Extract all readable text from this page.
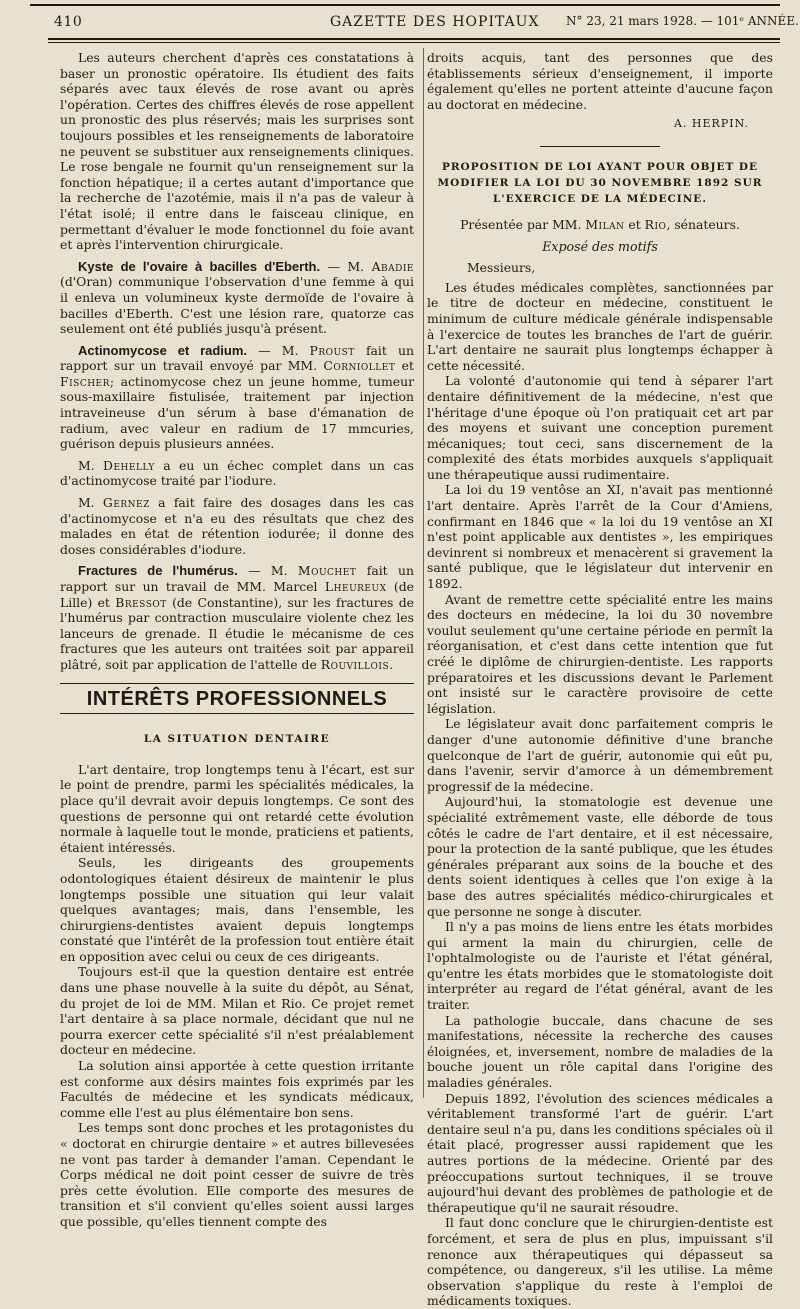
410	GAZETTE DES HOPITAUX N° 23, 21 mars 1928. — 101ᵉ ANNÉE.

Les auteurs cherchent d'après ces constatations à baser un pronostic opératoire. Ils étudient des faits séparés avec taux élevés de rose avant ou après l'opération. Certes des chiffres élevés de rose appellent un pronostic des plus réservés; mais les surprises sont toujours possibles et les renseignements de laboratoire ne peuvent se substituer aux renseignements cliniques. Le rose bengale ne fournit qu'un renseignement sur la fonction hépatique; il a certes autant d'importance que la recherche de l'azotémie, mais il n'a pas de valeur à l'état isolé; il entre dans le faisceau clinique, en permettant d'évaluer le mode fonctionnel du foie avant et après l'intervention chirurgicale.

Kyste de l'ovaire à bacilles d'Eberth. — M. Abadie (d'Oran) communique l'observation d'une femme à qui il enleva un volumineux kyste dermoïde de l'ovaire à bacilles d'Eberth. C'est une lésion rare, quatorze cas seulement ont été publiés jusqu'à présent.

Actinomycose et radium. — M. Proust fait un rapport sur un travail envoyé par MM. Corniollet et Fischer; actinomycose chez un jeune homme, tumeur sous-maxillaire fistulisée, traitement par injection intraveineuse d'un sérum à base d'émanation de radium, avec valeur en radium de 17 mmcuries, guérison depuis plusieurs années.

M. Dehelly a eu un échec complet dans un cas d'actinomycose traité par l'iodure.

M. Gernez a fait faire des dosages dans les cas d'actinomycose et n'a eu des résultats que chez des malades en état de rétention iodurée; il donne des doses considérables d'iodure.

Fractures de l'humérus. — M. Mouchet fait un rapport sur un travail de MM. Marcel Lheureux (de Lille) et Bressot (de Constantine), sur les fractures de l'humérus par contraction musculaire violente chez les lanceurs de grenade. Il étudie le mécanisme de ces fractures que les auteurs ont traitées soit par appareil plâtré, soit par application de l'attelle de Rouvillois.

INTÉRÊTS PROFESSIONNELS
LA SITUATION DENTAIRE

L'art dentaire, trop longtemps tenu à l'écart, est sur le point de prendre, parmi les spécialités médicales, la place qu'il devrait avoir depuis longtemps. Ce sont des questions de personne qui ont retardé cette évolution normale à laquelle tout le monde, praticiens et patients, étaient intéressés.

Seuls, les dirigeants des groupements odontologiques étaient désireux de maintenir le plus longtemps possible une situation qui leur valait quelques avantages; mais, dans l'ensemble, les chirurgiens-dentistes avaient depuis longtemps constaté que l'intérêt de la profession tout entière était en opposition avec celui ou ceux de ces dirigeants.

Toujours est-il que la question dentaire est entrée dans une phase nouvelle à la suite du dépôt, au Sénat, du projet de loi de MM. Milan et Rio. Ce projet remet l'art dentaire à sa place normale, décidant que nul ne pourra exercer cette spécialité s'il n'est préalablement docteur en médecine.

La solution ainsi apportée à cette question irritante est conforme aux désirs maintes fois exprimés par les Facultés de médecine et les syndicats médicaux, comme elle l'est au plus élémentaire bon sens.

Les temps sont donc proches et les protagonistes du « doctorat en chirurgie dentaire » et autres billevesées ne vont pas tarder à demander l'aman. Cependant le Corps médical ne doit point cesser de suivre de très près cette évolution. Elle comporte des mesures de transition et s'il convient qu'elles soient aussi larges que possible, qu'elles tiennent compte des

droits acquis, tant des personnes que des établissements sérieux d'enseignement, il importe également qu'elles ne portent atteinte d'aucune façon au doctorat en médecine.

A. HERPIN.
PROPOSITION DE LOI AYANT POUR OBJET DE MODIFIER LA LOI DU 30 NOVEMBRE 1892 SUR L'EXERCICE DE LA MÉDECINE.
Présentée par MM. Milan et Rio, sénateurs.
Exposé des motifs

Messieurs,

Les études médicales complètes, sanctionnées par le titre de docteur en médecine, constituent le minimum de culture médicale générale indispensable à l'exercice de toutes les branches de l'art de guérir. L'art dentaire ne saurait plus longtemps échapper à cette nécessité.

La volonté d'autonomie qui tend à séparer l'art dentaire définitivement de la médecine, n'est que l'héritage d'une époque où l'on pratiquait cet art par des moyens et suivant une conception purement mécaniques; tout ceci, sans discernement de la complexité des états morbides auxquels s'appliquait une thérapeutique aussi rudimentaire.

La loi du 19 ventôse an XI, n'avait pas mentionné l'art dentaire. Après l'arrêt de la Cour d'Amiens, confirmant en 1846 que « la loi du 19 ventôse an XI n'est point applicable aux dentistes », les empiriques devinrent si nombreux et menacèrent si gravement la santé publique, que le législateur dut intervenir en 1892.

Avant de remettre cette spécialité entre les mains des docteurs en médecine, la loi du 30 novembre voulut seulement qu'une certaine période en permît la réorganisation, et c'est dans cette intention que fut créé le diplôme de chirurgien-dentiste. Les rapports préparatoires et les discussions devant le Parlement ont insisté sur le caractère provisoire de cette législation.

Le législateur avait donc parfaitement compris le danger d'une autonomie définitive d'une branche quelconque de l'art de guérir, autonomie qui eût pu, dans l'avenir, servir d'amorce à un démembrement progressif de la médecine.

Aujourd'hui, la stomatologie est devenue une spécialité extrêmement vaste, elle déborde de tous côtés le cadre de l'art dentaire, et il est nécessaire, pour la protection de la santé publique, que les études générales préparant aux soins de la bouche et des dents soient identiques à celles que l'on exige à la base des autres spécialités médico-chirurgicales et que personne ne songe à discuter.

Il n'y a pas moins de liens entre les états morbides qui arment la main du chirurgien, celle de l'ophtalmologiste ou de l'auriste et l'état général, qu'entre les états morbides que le stomatologiste doit interpréter au regard de l'état général, avant de les traiter.

La pathologie buccale, dans chacune de ses manifestations, nécessite la recherche des causes éloignées, et, inversement, nombre de maladies de la bouche jouent un rôle capital dans l'origine des maladies générales.

Depuis 1892, l'évolution des sciences médicales a véritablement transformé l'art de guérir. L'art dentaire seul n'a pu, dans les conditions spéciales où il était placé, progresser aussi rapidement que les autres portions de la médecine. Orienté par des préoccupations surtout techniques, il se trouve aujourd'hui devant des problèmes de pathologie et de thérapeutique qu'il ne saurait résoudre.

Il faut donc conclure que le chirurgien-dentiste est forcément, et sera de plus en plus, impuissant s'il renonce aux thérapeutiques qui dépasseut sa compétence, ou dangereux, s'il les utilise. La même observation s'applique du reste à l'emploi de médicaments toxiques.
